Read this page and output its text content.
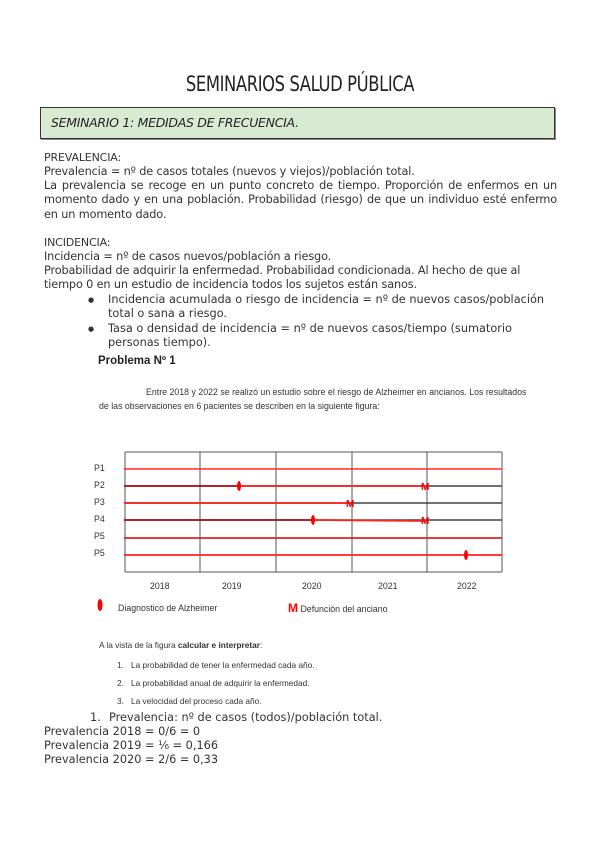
SEMINARIOS SALUD PÚBLICA
SEMINARIO 1: MEDIDAS DE FRECUENCIA.
PREVALENCIA:
Prevalencia = nº de casos totales (nuevos y viejos)/población total.
La prevalencia se recoge en un punto concreto de tiempo. Proporción de enfermos en un momento dado y en una población. Probabilidad (riesgo) de que un individuo esté enfermo en un momento dado.
INCIDENCIA:
Incidencia = nº de casos nuevos/población a riesgo.
Probabilidad de adquirir la enfermedad. Probabilidad condicionada. Al hecho de que al
tiempo 0 en un estudio de incidencia todos los sujetos están sanos.
● Incidencia acumulada o riesgo de incidencia = nº de nuevos casos/población total o sana a riesgo.
● Tasa o densidad de incidencia = nº de nuevos casos/tiempo (sumatorio personas tiempo).
Problema Nº 1
Entre 2018 y 2022 se realizó un estudio sobre el riesgo de Alzheimer en ancianos. Los resultados
de las observaciones en 6 pacientes se describen en la siguiente figura:
M
M
M
P1
P2
P3
P4
P5
P5
2018	2019	2020	2021	2022
Diagnostico de Alzheimer	M Defunción del anciano
A la vista de la figura calcular e interpretar:
1. La probabilidad de tener la enfermedad cada año.
2. La probabilidad anual de adquirir la enfermedad.
3. La velocidad del proceso cada año.
1. Prevalencia: nº de casos (todos)/población total.
Prevalencia 2018 = 0/6 = 0
Prevalencia 2019 = ⅙ = 0,166
Prevalencia 2020 = 2/6 = 0,33
